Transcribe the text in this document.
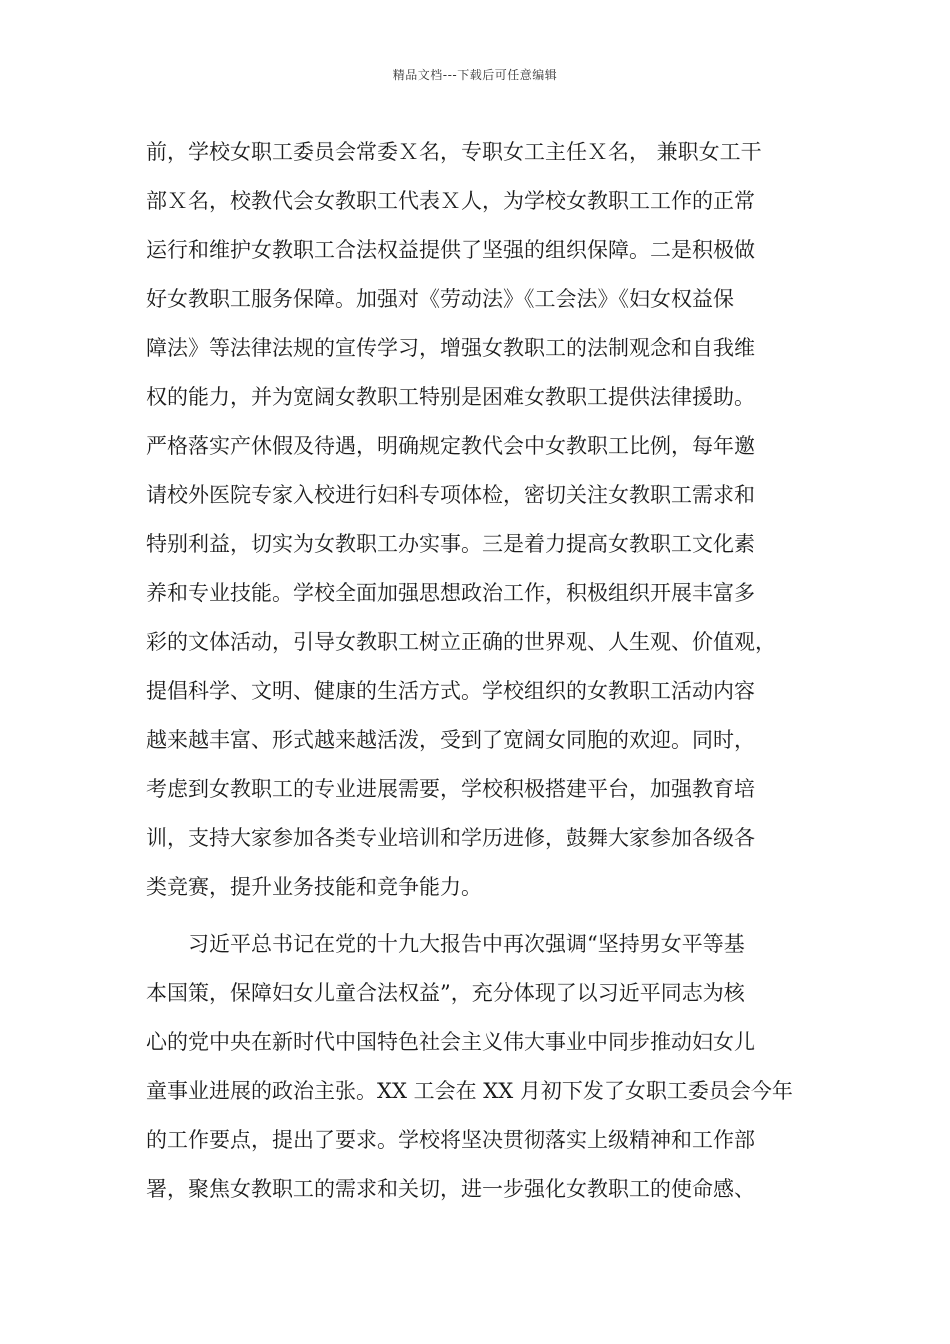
精品文档---下载后可任意编辑
前，学校女职工委员会常委Ｘ名，专职女工主任Ｘ名， 兼职女工干
部Ｘ名，校教代会女教职工代表Ｘ人，为学校女教职工工作的正常
运行和维护女教职工合法权益提供了坚强的组织保障。二是积极做
好女教职工服务保障。加强对《劳动法》《工会法》《妇女权益保
障法》等法律法规的宣传学习，增强女教职工的法制观念和自我维
权的能力，并为宽阔女教职工特别是困难女教职工提供法律援助。
严格落实产休假及待遇，明确规定教代会中女教职工比例，每年邀
请校外医院专家入校进行妇科专项体检，密切关注女教职工需求和
特别利益，切实为女教职工办实事。三是着力提高女教职工文化素
养和专业技能。学校全面加强思想政治工作，积极组织开展丰富多
彩的文体活动，引导女教职工树立正确的世界观、人生观、价值观，
提倡科学、文明、健康的生活方式。学校组织的女教职工活动内容
越来越丰富、形式越来越活泼，受到了宽阔女同胞的欢迎。同时，
考虑到女教职工的专业进展需要，学校积极搭建平台，加强教育培
训，支持大家参加各类专业培训和学历进修，鼓舞大家参加各级各
类竞赛，提升业务技能和竞争能力。
习近平总书记在党的十九大报告中再次强调“坚持男女平等基
本国策，保障妇女儿童合法权益”，充分体现了以习近平同志为核
心的党中央在新时代中国特色社会主义伟大事业中同步推动妇女儿
童事业进展的政治主张。XX 工会在 XX 月初下发了女职工委员会今年
的工作要点，提出了要求。学校将坚决贯彻落实上级精神和工作部
署，聚焦女教职工的需求和关切，进一步强化女教职工的使命感、
